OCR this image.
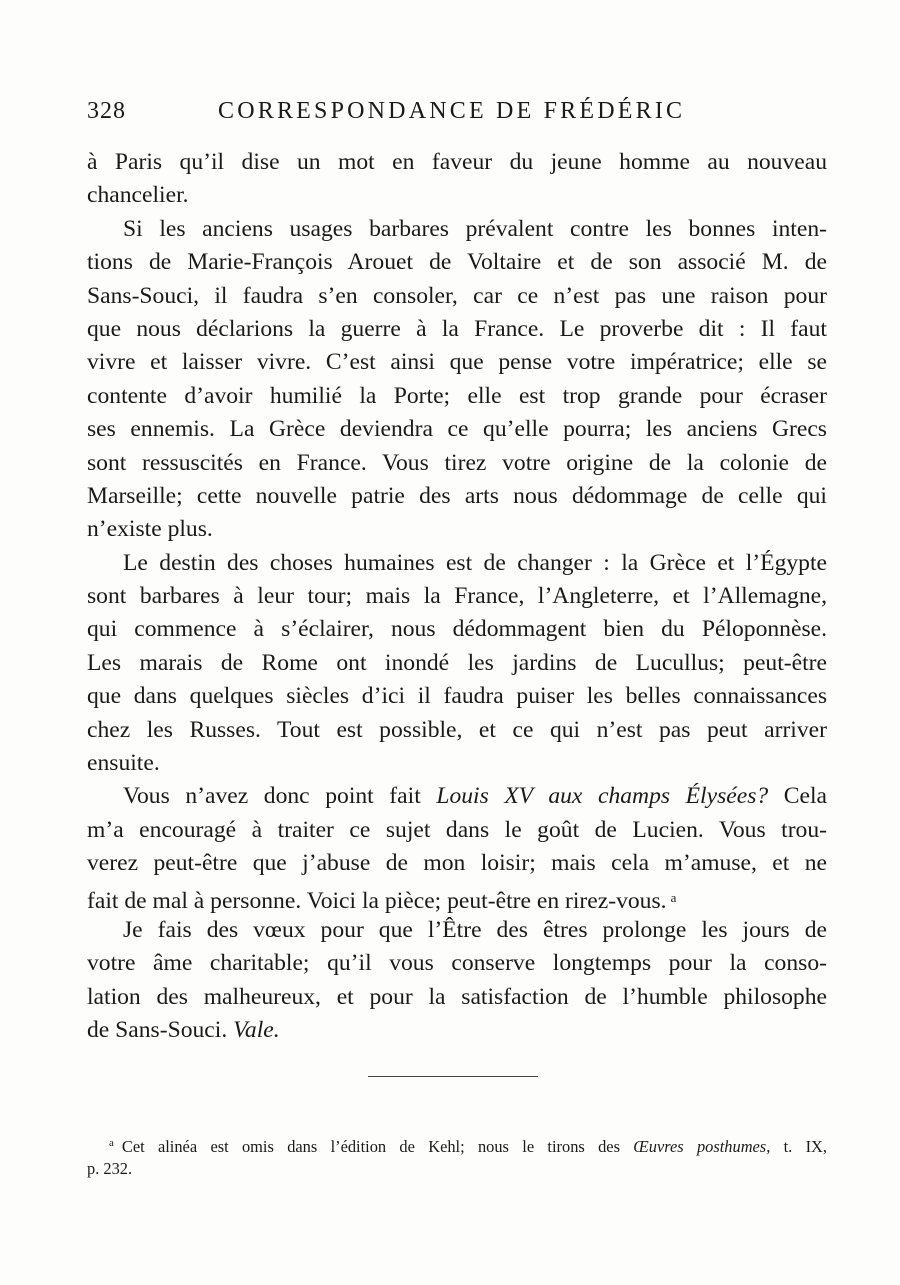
328	CORRESPONDANCE DE FRÉDÉRIC
à Paris qu’il dise un mot en faveur du jeune homme au nouveau
chancelier.
Si les anciens usages barbares prévalent contre les bonnes inten-
tions de Marie-François Arouet de Voltaire et de son associé M. de
Sans-Souci, il faudra s’en consoler, car ce n’est pas une raison pour
que nous déclarions la guerre à la France. Le proverbe dit : Il faut
vivre et laisser vivre. C’est ainsi que pense votre impératrice; elle se
contente d’avoir humilié la Porte; elle est trop grande pour écraser
ses ennemis. La Grèce deviendra ce qu’elle pourra; les anciens Grecs
sont ressuscités en France. Vous tirez votre origine de la colonie de
Marseille; cette nouvelle patrie des arts nous dédommage de celle qui
n’existe plus.
Le destin des choses humaines est de changer : la Grèce et l’Égypte
sont barbares à leur tour; mais la France, l’Angleterre, et l’Allemagne,
qui commence à s’éclairer, nous dédommagent bien du Péloponnèse.
Les marais de Rome ont inondé les jardins de Lucullus; peut-être
que dans quelques siècles d’ici il faudra puiser les belles connaissances
chez les Russes. Tout est possible, et ce qui n’est pas peut arriver
ensuite.
Vous n’avez donc point fait Louis XV aux champs Élysées? Cela
m’a encouragé à traiter ce sujet dans le goût de Lucien. Vous trou-
verez peut-être que j’abuse de mon loisir; mais cela m’amuse, et ne
fait de mal à personne. Voici la pièce; peut-être en rirez-vous. $^a$
Je fais des vœux pour que l’Être des êtres prolonge les jours de
votre âme charitable; qu’il vous conserve longtemps pour la conso-
lation des malheureux, et pour la satisfaction de l’humble philosophe
de Sans-Souci. Vale.
$^a$ Cet alinéa est omis dans l’édition de Kehl; nous le tirons des Œuvres posthumes, t. IX,
p. 232.
